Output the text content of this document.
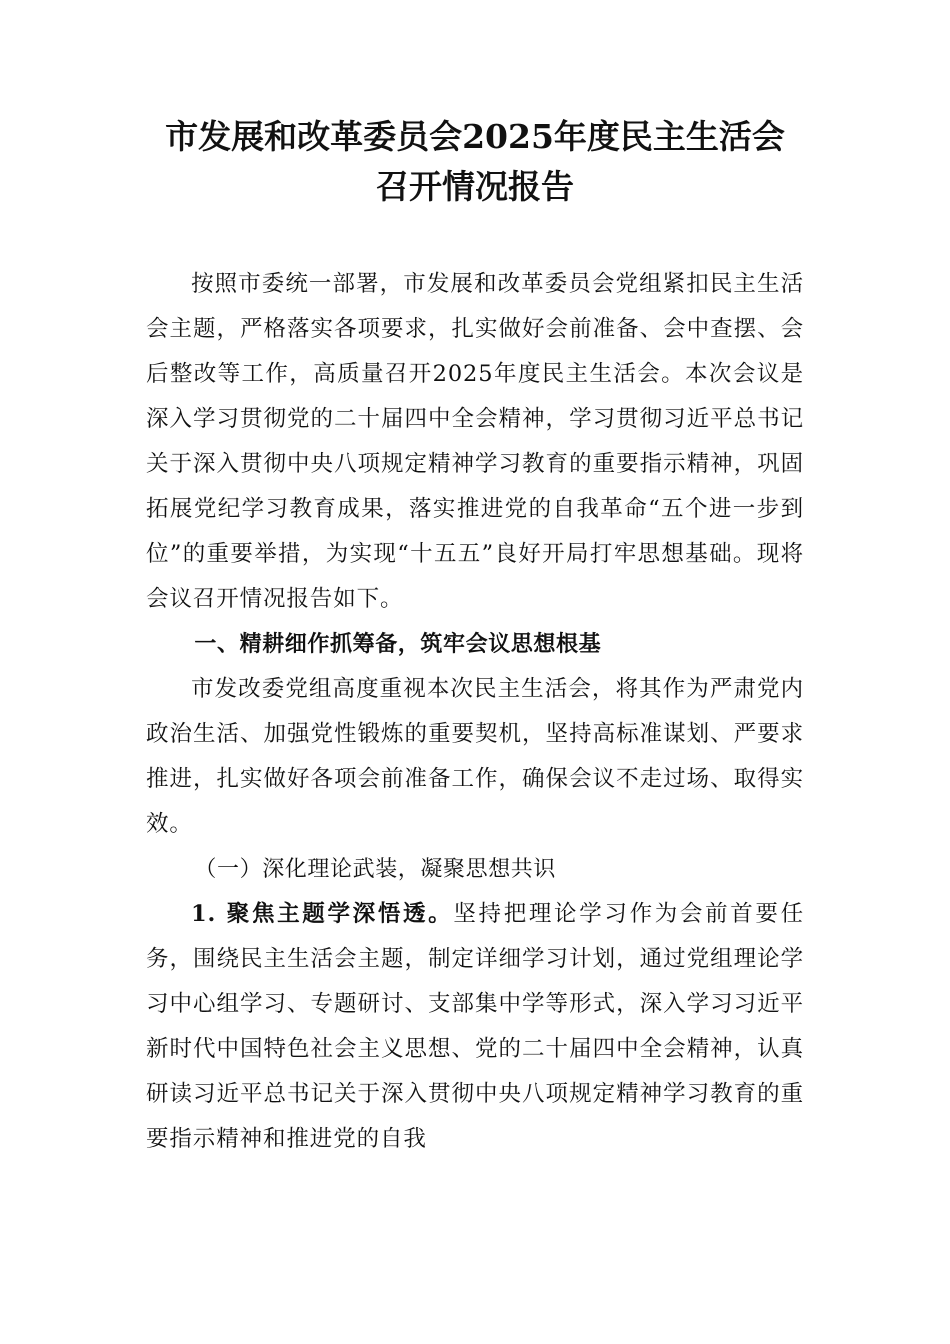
市发展和改革委员会2025年度民主生活会
召开情况报告

按照市委统一部署，市发展和改革委员会党组紧扣民主生活会主题，严格落实各项要求，扎实做好会前准备、会中查摆、会后整改等工作，高质量召开2025年度民主生活会。本次会议是深入学习贯彻党的二十届四中全会精神，学习贯彻习近平总书记关于深入贯彻中央八项规定精神学习教育的重要指示精神，巩固拓展党纪学习教育成果，落实推进党的自我革命“五个进一步到位”的重要举措，为实现“十五五”良好开局打牢思想基础。现将会议召开情况报告如下。

一、精耕细作抓筹备，筑牢会议思想根基

市发改委党组高度重视本次民主生活会，将其作为严肃党内政治生活、加强党性锻炼的重要契机，坚持高标准谋划、严要求推进，扎实做好各项会前准备工作，确保会议不走过场、取得实效。

（一）深化理论武装，凝聚思想共识

1. 聚焦主题学深悟透。坚持把理论学习作为会前首要任务，围绕民主生活会主题，制定详细学习计划，通过党组理论学习中心组学习、专题研讨、支部集中学等形式，深入学习习近平新时代中国特色社会主义思想、党的二十届四中全会精神，认真研读习近平总书记关于深入贯彻中央八项规定精神学习教育的重要指示精神和推进党的自我
